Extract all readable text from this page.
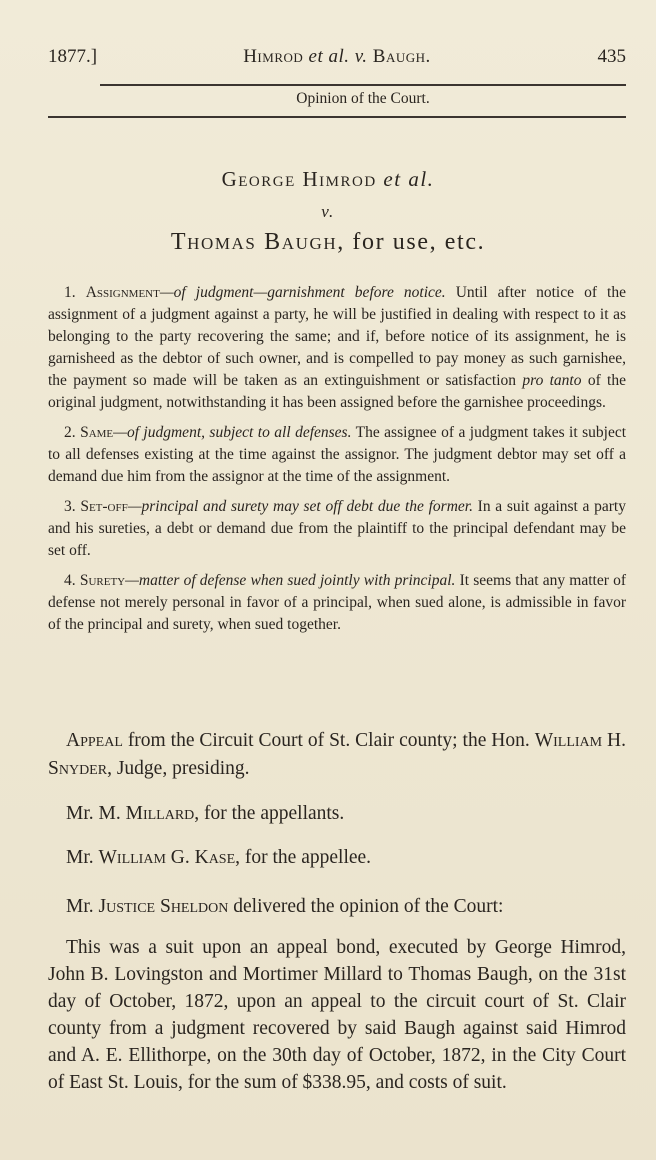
1877.]	Himrod et al. v. Baugh.	435
Opinion of the Court.
George Himrod et al.
v.
Thomas Baugh, for use, etc.

1. Assignment—of judgment—garnishment before notice. Until after notice of the assignment of a judgment against a party, he will be justified in dealing with respect to it as belonging to the party recovering the same; and if, before notice of its assignment, he is garnisheed as the debtor of such owner, and is compelled to pay money as such garnishee, the payment so made will be taken as an extinguishment or satisfaction pro tanto of the original judgment, notwithstanding it has been assigned before the garnishee proceedings.

2. Same—of judgment, subject to all defenses. The assignee of a judgment takes it subject to all defenses existing at the time against the assignor. The judgment debtor may set off a demand due him from the assignor at the time of the assignment.

3. Set-off—principal and surety may set off debt due the former. In a suit against a party and his sureties, a debt or demand due from the plaintiff to the principal defendant may be set off.

4. Surety—matter of defense when sued jointly with principal. It seems that any matter of defense not merely personal in favor of a principal, when sued alone, is admissible in favor of the principal and surety, when sued together.

Appeal from the Circuit Court of St. Clair county; the Hon. William H. Snyder, Judge, presiding.

Mr. M. Millard, for the appellants.

Mr. William G. Kase, for the appellee.

Mr. Justice Sheldon delivered the opinion of the Court:

This was a suit upon an appeal bond, executed by George Himrod, John B. Lovingston and Mortimer Millard to Thomas Baugh, on the 31st day of October, 1872, upon an appeal to the circuit court of St. Clair county from a judgment recovered by said Baugh against said Himrod and A. E. Ellithorpe, on the 30th day of October, 1872, in the City Court of East St. Louis, for the sum of $338.95, and costs of suit.
